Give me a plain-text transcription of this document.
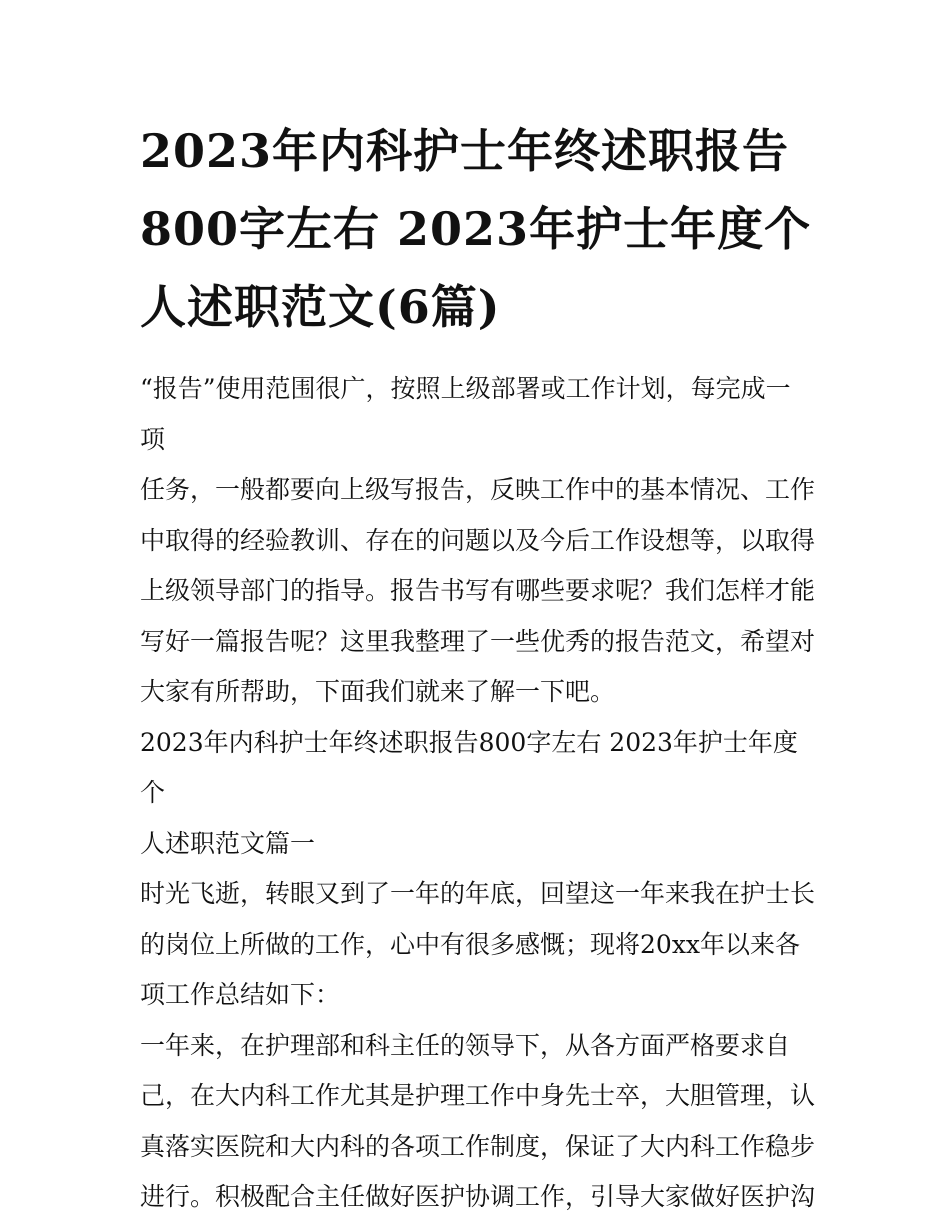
2023年内科护士年终述职报告
800字左右 2023年护士年度个
人述职范文(6篇)

“报告”使用范围很广，按照上级部署或工作计划，每完成一项
任务，一般都要向上级写报告，反映工作中的基本情况、工作
中取得的经验教训、存在的问题以及今后工作设想等，以取得
上级领导部门的指导。报告书写有哪些要求呢？我们怎样才能
写好一篇报告呢？这里我整理了一些优秀的报告范文，希望对
大家有所帮助，下面我们就来了解一下吧。

2023年内科护士年终述职报告800字左右 2023年护士年度个
人述职范文篇一

时光飞逝，转眼又到了一年的年底，回望这一年来我在护士长
的岗位上所做的工作，心中有很多感慨；现将20xx年以来各
项工作总结如下：

一年来，在护理部和科主任的领导下，从各方面严格要求自
己，在大内科工作尤其是护理工作中身先士卒，大胆管理，认
真落实医院和大内科的各项工作制度，保证了大内科工作稳步
进行。积极配合主任做好医护协调工作，引导大家做好医护沟
